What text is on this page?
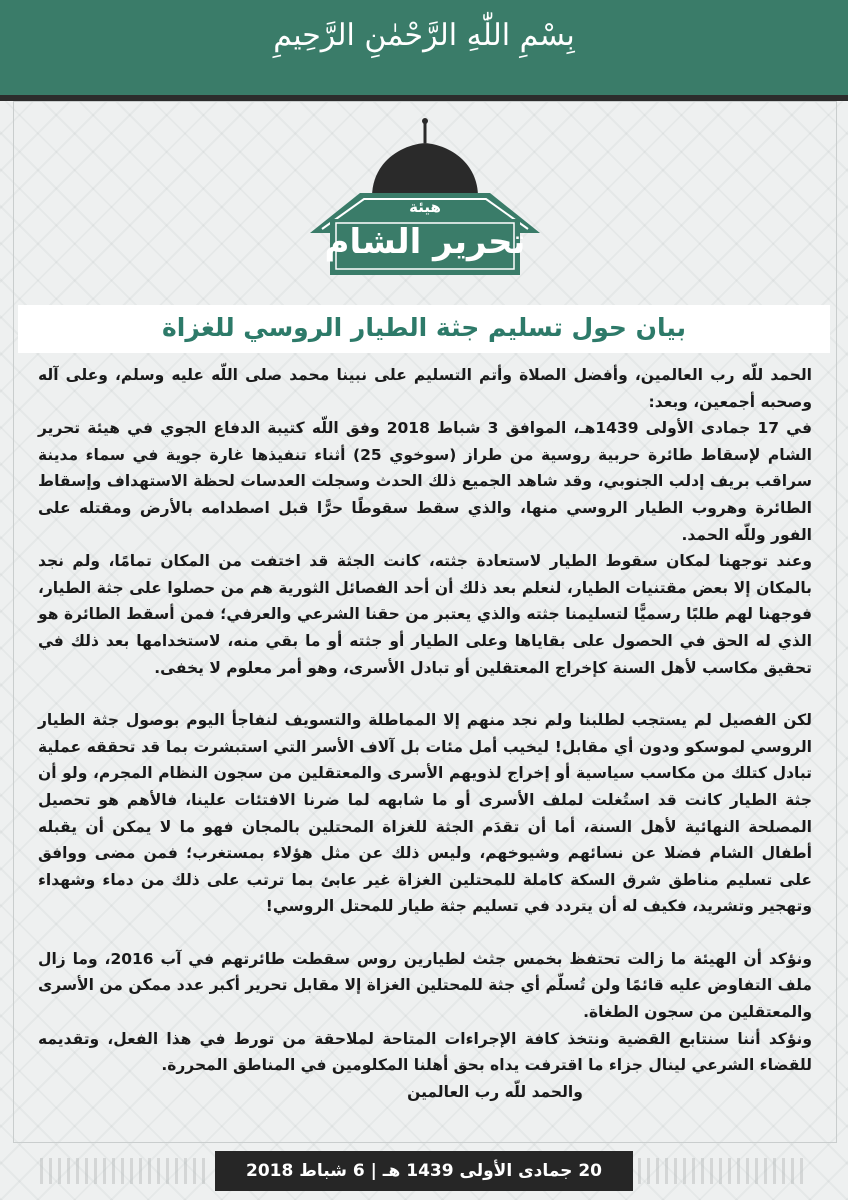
بِسْمِ اللّٰهِ الرَّحْمٰنِ الرَّحِيمِ
هيئة
تحرير الشام
بيان حول تسليم جثة الطيار الروسي للغزاة

الحمد للّه رب العالمين، وأفضل الصلاة وأتم التسليم على نبينا محمد صلى اللّه عليه وسلم، وعلى آله وصحبه أجمعين، وبعد:

في 17 جمادى الأولى 1439هـ، الموافق 3 شباط 2018 وفق اللّه كتيبة الدفاع الجوي في هيئة تحرير الشام لإسقاط طائرة حربية روسية من طراز (سوخوي 25) أثناء تنفيذها غارة جوية في سماء مدينة سراقب بريف إدلب الجنوبي، وقد شاهد الجميع ذلك الحدث وسجلت العدسات لحظة الاستهداف وإسقاط الطائرة وهروب الطيار الروسي منها، والذي سقط سقوطًا حرًّا قبل اصطدامه بالأرض ومقتله على الفور وللّه الحمد.

وعند توجهنا لمكان سقوط الطيار لاستعادة جثته، كانت الجثة قد اختفت من المكان تمامًا، ولم نجد بالمكان إلا بعض مقتنيات الطيار، لنعلم بعد ذلك أن أحد الفصائل الثورية هم من حصلوا على جثة الطيار، فوجهنا لهم طلبًا رسميًّا لتسليمنا جثته والذي يعتبر من حقنا الشرعي والعرفي؛ فمن أسقط الطائرة هو الذي له الحق في الحصول على بقاياها وعلى الطيار أو جثته أو ما بقي منه، لاستخدامها بعد ذلك في تحقيق مكاسب لأهل السنة كإخراج المعتقلين أو تبادل الأسرى، وهو أمر معلوم لا يخفى.

لكن الفصيل لم يستجب لطلبنا ولم نجد منهم إلا المماطلة والتسويف لنفاجأ اليوم بوصول جثة الطيار الروسي لموسكو ودون أي مقابل! ليخيب أمل مئات بل آلاف الأسر التي استبشرت بما قد تحققه عملية تبادل كتلك من مكاسب سياسية أو إخراج لذويهم الأسرى والمعتقلين من سجون النظام المجرم، ولو أن جثة الطيار كانت قد استُغلت لملف الأسرى أو ما شابهه لما ضرنا الافتئات علينا، فالأهم هو تحصيل المصلحة النهائية لأهل السنة، أما أن تقدَم الجثة للغزاة المحتلين بالمجان فهو ما لا يمكن أن يقبله أطفال الشام فضلا عن نسائهم وشيوخهم، وليس ذلك عن مثل هؤلاء بمستغرب؛ فمن مضى ووافق على تسليم مناطق شرق السكة كاملة للمحتلين الغزاة غير عابئ بما ترتب على ذلك من دماء وشهداء وتهجير وتشريد، فكيف له أن يتردد في تسليم جثة طيار للمحتل الروسي!

ونؤكد أن الهيئة ما زالت تحتفظ بخمس جثث لطيارين روس سقطت طائرتهم في آب 2016، وما زال ملف التفاوض عليه قائمًا ولن تُسلّم أي جثة للمحتلين الغزاة إلا مقابل تحرير أكبر عدد ممكن من الأسرى والمعتقلين من سجون الطغاة.

ونؤكد أننا سنتابع القضية ونتخذ كافة الإجراءات المتاحة لملاحقة من تورط في هذا الفعل، وتقديمه للقضاء الشرعي لينال جزاء ما اقترفت يداه بحق أهلنا المكلومين في المناطق المحررة.

والحمد للّه رب العالمين

20 جمادى الأولى 1439 هـ | 6 شباط 2018
